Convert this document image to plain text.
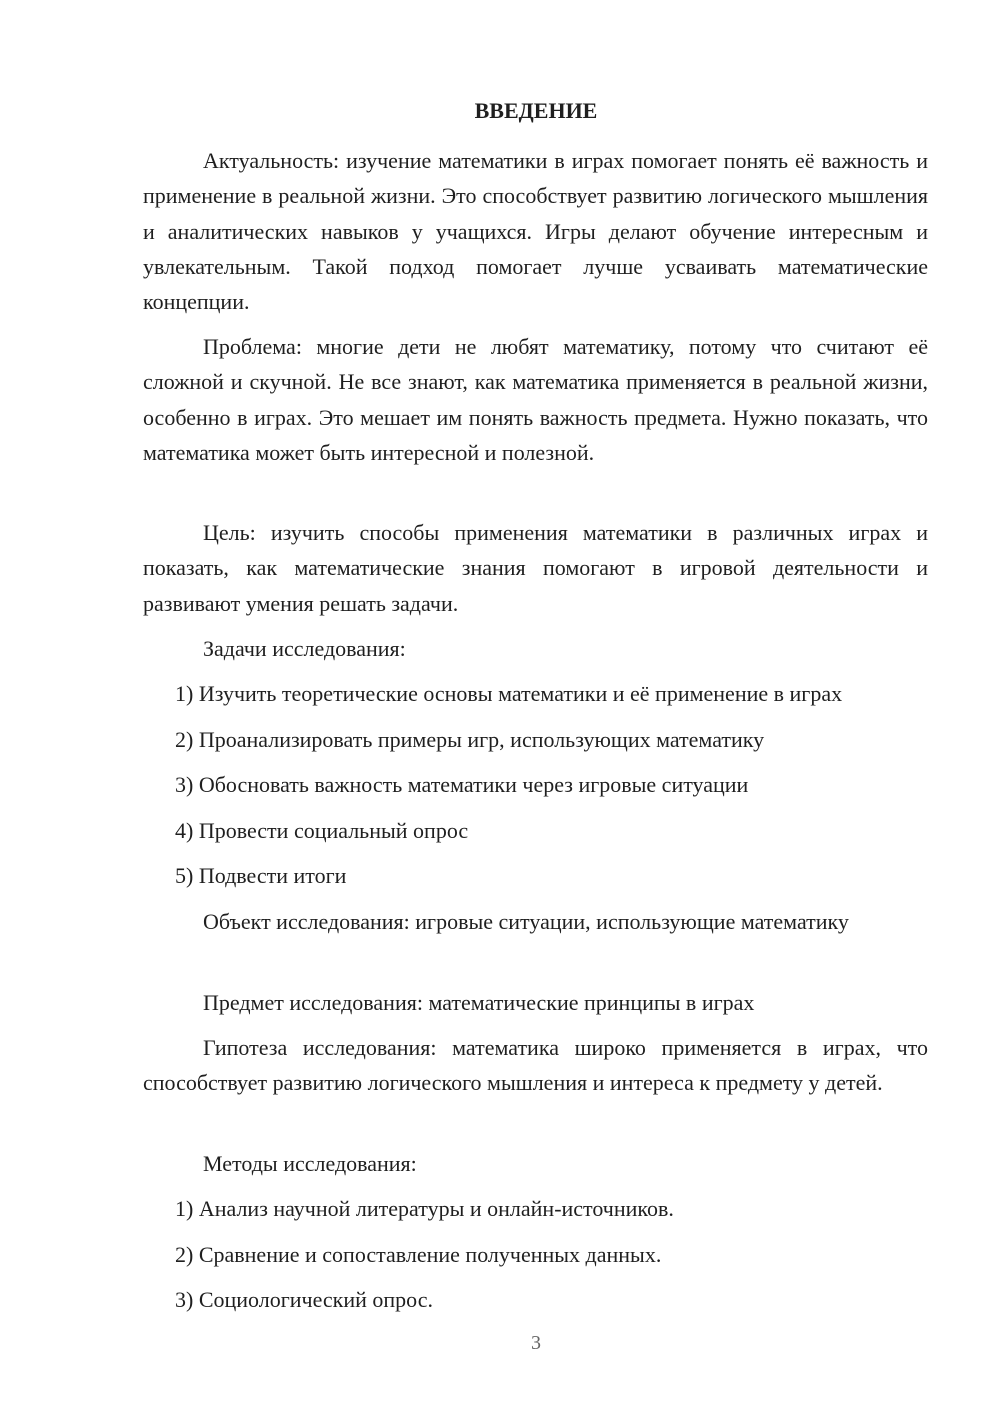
ВВЕДЕНИЕ

Актуальность: изучение математики в играх помогает понять её важность и применение в реальной жизни. Это способствует развитию логического мышления и аналитических навыков у учащихся. Игры делают обучение интересным и увлекательным. Такой подход помогает лучше усваивать математические концепции.

Проблема: многие дети не любят математику, потому что считают её сложной и скучной. Не все знают, как математика применяется в реальной жизни, особенно в играх. Это мешает им понять важность предмета. Нужно показать, что математика может быть интересной и полезной.

Цель: изучить способы применения математики в различных играх и показать, как математические знания помогают в игровой деятельности и развивают умения решать задачи.

Задачи исследования:

1) Изучить теоретические основы математики и её применение в играх

2) Проанализировать примеры игр, использующих математику

3) Обосновать важность математики через игровые ситуации

4) Провести социальный опрос

5) Подвести итоги

Объект исследования: игровые ситуации, использующие математику

Предмет исследования: математические принципы в играх

Гипотеза исследования: математика широко применяется в играх, что способствует развитию логического мышления и интереса к предмету у детей.

Методы исследования:

1) Анализ научной литературы и онлайн-источников.

2) Сравнение и сопоставление полученных данных.

3) Социологический опрос.

3
